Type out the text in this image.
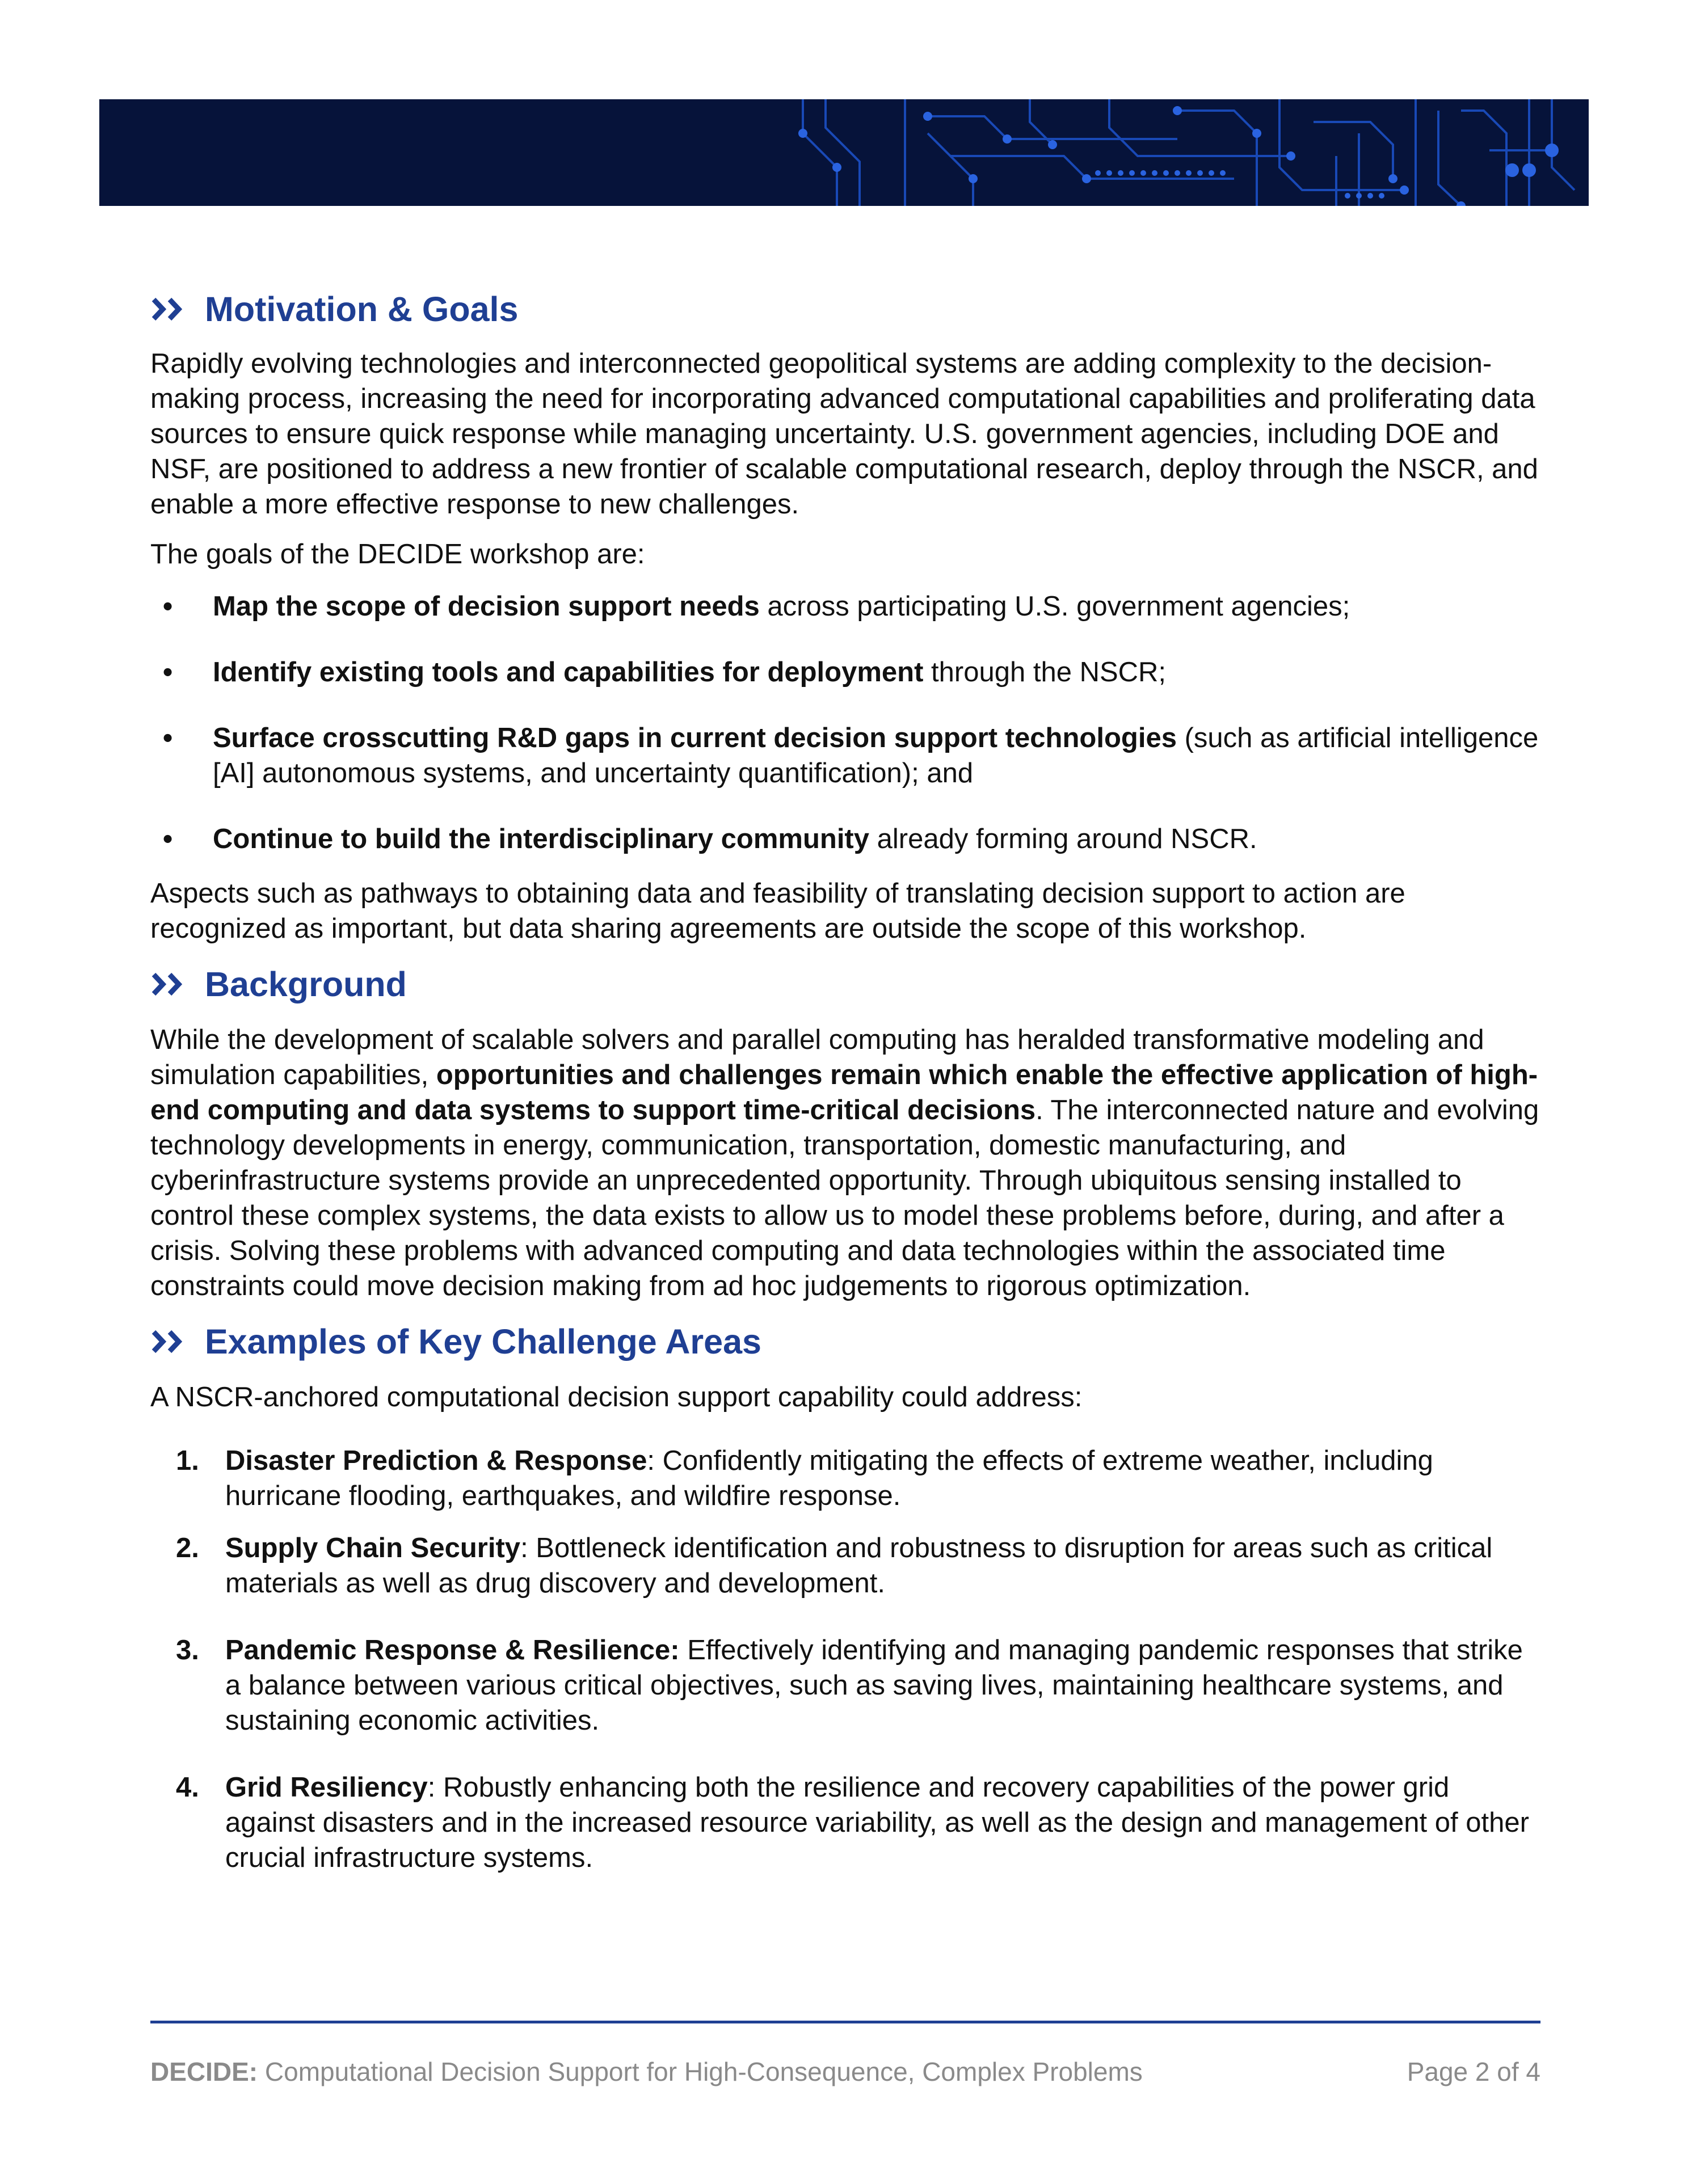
Motivation & Goals

Rapidly evolving technologies and interconnected geopolitical systems are adding complexity to the decision-making process, increasing the need for incorporating advanced computational capabilities and proliferating data sources to ensure quick response while managing uncertainty. U.S. government agencies, including DOE and NSF, are positioned to address a new frontier of scalable computational research, deploy through the NSCR, and enable a more effective response to new challenges.

The goals of the DECIDE workshop are:

• Map the scope of decision support needs across participating U.S. government agencies;
• Identify existing tools and capabilities for deployment through the NSCR;
• Surface crosscutting R&D gaps in current decision support technologies (such as artificial intelligence [AI] autonomous systems, and uncertainty quantification); and
• Continue to build the interdisciplinary community already forming around NSCR.

Aspects such as pathways to obtaining data and feasibility of translating decision support to action are recognized as important, but data sharing agreements are outside the scope of this workshop.

Background

While the development of scalable solvers and parallel computing has heralded transformative modeling and simulation capabilities, opportunities and challenges remain which enable the effective application of high-end computing and data systems to support time-critical decisions. The interconnected nature and evolving technology developments in energy, communication, transportation, domestic manufacturing, and cyberinfrastructure systems provide an unprecedented opportunity. Through ubiquitous sensing installed to control these complex systems, the data exists to allow us to model these problems before, during, and after a crisis. Solving these problems with advanced computing and data technologies within the associated time constraints could move decision making from ad hoc judgements to rigorous optimization.

Examples of Key Challenge Areas

A NSCR-anchored computational decision support capability could address:

1. Disaster Prediction & Response: Confidently mitigating the effects of extreme weather, including hurricane flooding, earthquakes, and wildfire response.
2. Supply Chain Security: Bottleneck identification and robustness to disruption for areas such as critical materials as well as drug discovery and development.
3. Pandemic Response & Resilience: Effectively identifying and managing pandemic responses that strike a balance between various critical objectives, such as saving lives, maintaining healthcare systems, and sustaining economic activities.
4. Grid Resiliency: Robustly enhancing both the resilience and recovery capabilities of the power grid against disasters and in the increased resource variability, as well as the design and management of other crucial infrastructure systems.
DECIDE: Computational Decision Support for High-Consequence, Complex Problems	Page 2 of 4
